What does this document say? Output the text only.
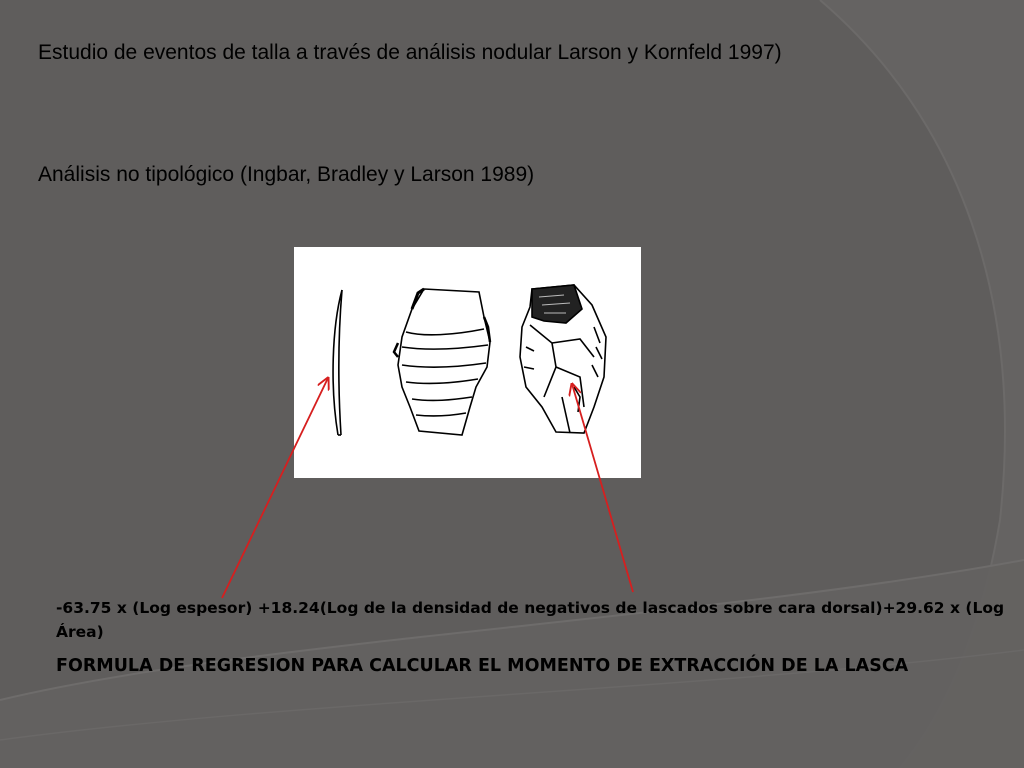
Estudio de eventos de talla a través de análisis nodular Larson y Kornfeld 1997)
Análisis no tipológico (Ingbar, Bradley y Larson 1989)
-63.75 x (Log espesor) +18.24(Log de la densidad de negativos de lascados sobre cara dorsal)+29.62 x (Log Área)
FORMULA DE REGRESION PARA CALCULAR EL MOMENTO DE EXTRACCIÓN DE LA LASCA
